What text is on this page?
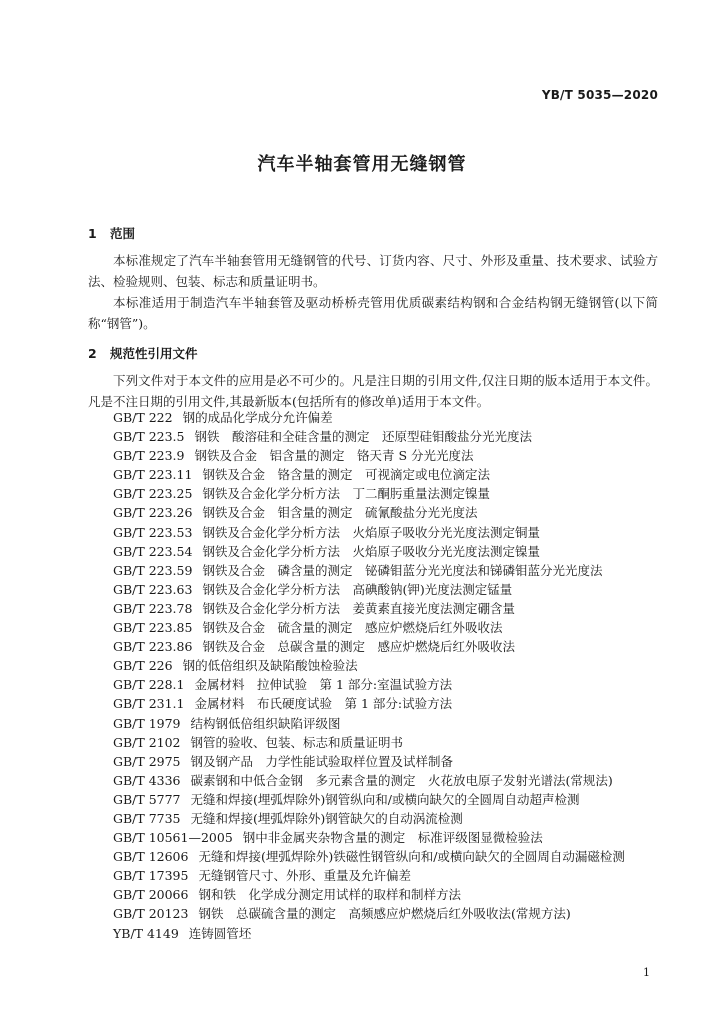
YB/T 5035—2020
汽车半轴套管用无缝钢管
1 范围
本标准规定了汽车半轴套管用无缝钢管的代号、订货内容、尺寸、外形及重量、技术要求、试验方法、检验规则、包装、标志和质量证明书。
本标准适用于制造汽车半轴套管及驱动桥桥壳管用优质碳素结构钢和合金结构钢无缝钢管(以下简称“钢管”)。
2 规范性引用文件
下列文件对于本文件的应用是必不可少的。凡是注日期的引用文件,仅注日期的版本适用于本文件。凡是不注日期的引用文件,其最新版本(包括所有的修改单)适用于本文件。
GB/T 222 钢的成品化学成分允许偏差
GB/T 223.5 钢铁　酸溶硅和全硅含量的测定　还原型硅钼酸盐分光光度法
GB/T 223.9 钢铁及合金　铝含量的测定　铬天青 S 分光光度法
GB/T 223.11 钢铁及合金　铬含量的测定　可视滴定或电位滴定法
GB/T 223.25 钢铁及合金化学分析方法　丁二酮肟重量法测定镍量
GB/T 223.26 钢铁及合金　钼含量的测定　硫氰酸盐分光光度法
GB/T 223.53 钢铁及合金化学分析方法　火焰原子吸收分光光度法测定铜量
GB/T 223.54 钢铁及合金化学分析方法　火焰原子吸收分光光度法测定镍量
GB/T 223.59 钢铁及合金　磷含量的测定　铋磷钼蓝分光光度法和锑磷钼蓝分光光度法
GB/T 223.63 钢铁及合金化学分析方法　高碘酸钠(钾)光度法测定锰量
GB/T 223.78 钢铁及合金化学分析方法　姜黄素直接光度法测定硼含量
GB/T 223.85 钢铁及合金　硫含量的测定　感应炉燃烧后红外吸收法
GB/T 223.86 钢铁及合金　总碳含量的测定　感应炉燃烧后红外吸收法
GB/T 226 钢的低倍组织及缺陷酸蚀检验法
GB/T 228.1 金属材料　拉伸试验　第 1 部分:室温试验方法
GB/T 231.1 金属材料　布氏硬度试验　第 1 部分:试验方法
GB/T 1979 结构钢低倍组织缺陷评级图
GB/T 2102 钢管的验收、包装、标志和质量证明书
GB/T 2975 钢及钢产品　力学性能试验取样位置及试样制备
GB/T 4336 碳素钢和中低合金钢　多元素含量的测定　火花放电原子发射光谱法(常规法)
GB/T 5777 无缝和焊接(埋弧焊除外)钢管纵向和/或横向缺欠的全圆周自动超声检测
GB/T 7735 无缝和焊接(埋弧焊除外)钢管缺欠的自动涡流检测
GB/T 10561—2005 钢中非金属夹杂物含量的测定　标准评级图显微检验法
GB/T 12606 无缝和焊接(埋弧焊除外)铁磁性钢管纵向和/或横向缺欠的全圆周自动漏磁检测
GB/T 17395 无缝钢管尺寸、外形、重量及允许偏差
GB/T 20066 钢和铁　化学成分测定用试样的取样和制样方法
GB/T 20123 钢铁　总碳硫含量的测定　高频感应炉燃烧后红外吸收法(常规方法)
YB/T 4149 连铸圆管坯
1
